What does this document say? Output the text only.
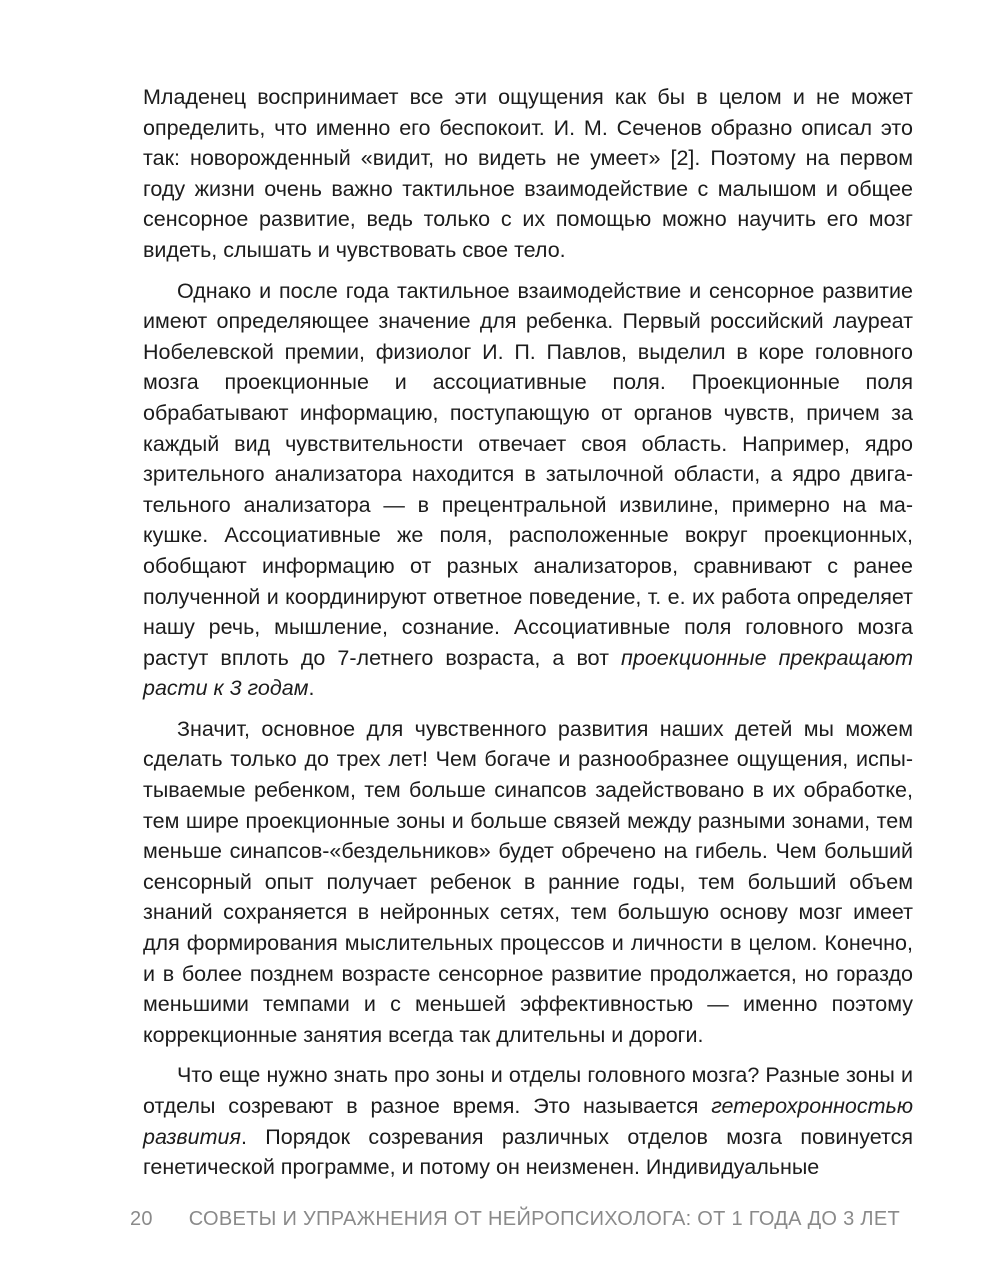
Младенец воспринимает все эти ощущения как бы в целом и не может определить, что именно его беспокоит. И. М. Сеченов образно описал это так: новорожденный «видит, но видеть не умеет» [2]. Поэтому на первом году жизни очень важно тактильное взаимодействие с малышом и общее сенсорное развитие, ведь только с их помощью можно научить его мозг видеть, слышать и чувствовать свое тело.

Однако и после года тактильное взаимодействие и сенсорное развитие имеют определяющее значение для ребенка. Первый российский лауреат Нобелевской премии, физиолог И. П. Павлов, выделил в коре головного мозга проекционные и ассоциативные поля. Проекционные поля обрабатывают информацию, поступающую от органов чувств, причем за каждый вид чувствительности отвечает своя область. Например, ядро зрительного анализатора находится в затылочной области, а ядро двигательного анализатора — в прецентральной извилине, примерно на макушке. Ассоциативные же поля, расположенные вокруг проекционных, обобщают информацию от разных анализаторов, сравнивают с ранее полученной и координируют ответное поведение, т. е. их работа определяет нашу речь, мышление, сознание. Ассоциативные поля головного мозга растут вплоть до 7-летнего возраста, а вот проекционные прекращают расти к 3 годам.

Значит, основное для чувственного развития наших детей мы можем сделать только до трех лет! Чем богаче и разнообразнее ощущения, испытываемые ребенком, тем больше синапсов задействовано в их обработке, тем шире проекционные зоны и больше связей между разными зонами, тем меньше синапсов-«бездельников» будет обречено на гибель. Чем больший сенсорный опыт получает ребенок в ранние годы, тем больший объем знаний сохраняется в нейронных сетях, тем большую основу мозг имеет для формирования мыслительных процессов и личности в целом. Конечно, и в более позднем возрасте сенсорное развитие продолжается, но гораздо меньшими темпами и с меньшей эффективностью — именно поэтому коррекционные занятия всегда так длительны и дороги.

Что еще нужно знать про зоны и отделы головного мозга? Разные зоны и отделы созревают в разное время. Это называется гетерохронностью развития. Порядок созревания различных отделов мозга повинуется генетической программе, и потому он неизменен. Индивидуальные

20 СОВЕТЫ И УПРАЖНЕНИЯ ОТ НЕЙРОПСИХОЛОГА: ОТ 1 ГОДА ДО 3 ЛЕТ
